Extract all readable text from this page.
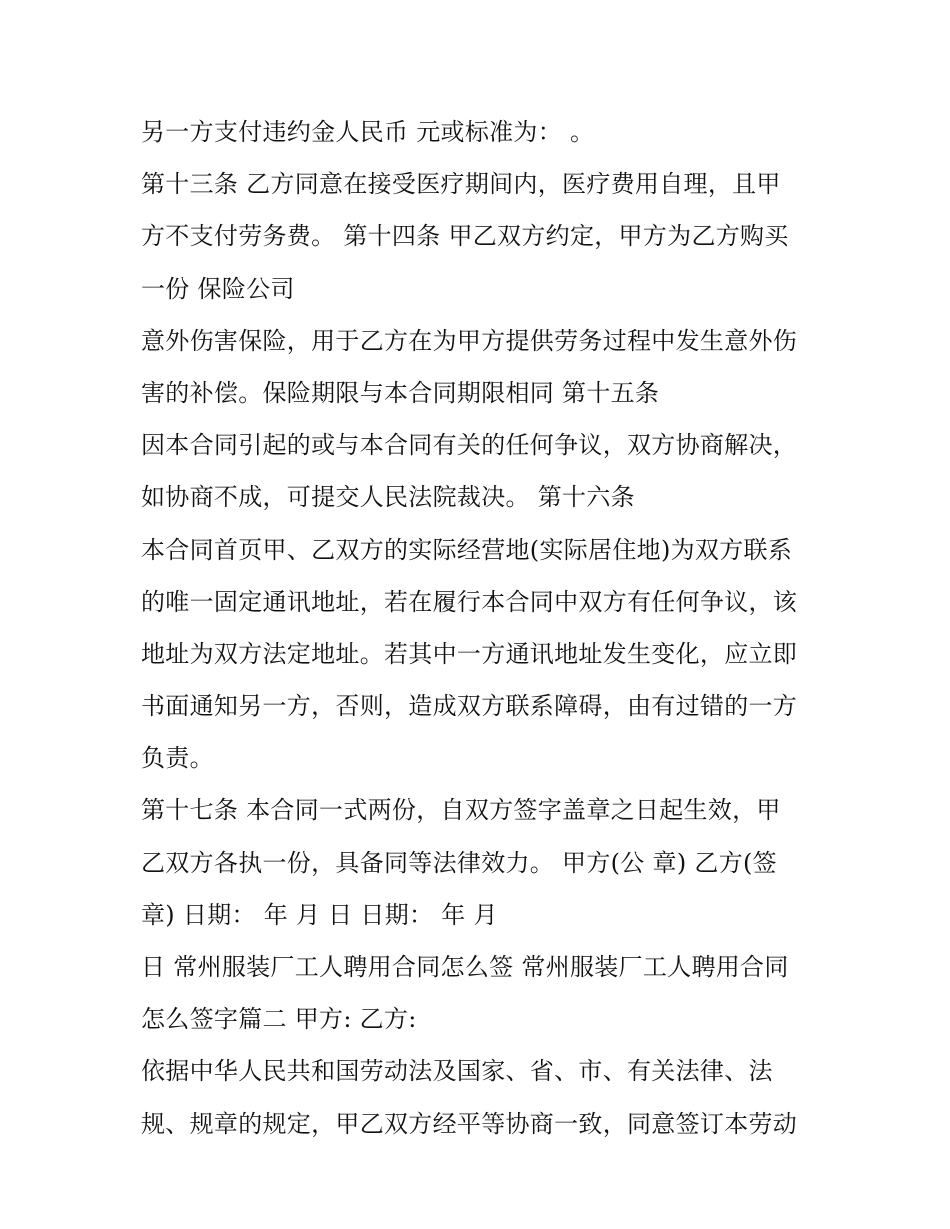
另一方支付违约金人民币 元或标准为： 。
第十三条 乙方同意在接受医疗期间内，医疗费用自理，且甲
方不支付劳务费。 第十四条 甲乙双方约定，甲方为乙方购买
一份 保险公司
意外伤害保险，用于乙方在为甲方提供劳务过程中发生意外伤
害的补偿。保险期限与本合同期限相同 第十五条
因本合同引起的或与本合同有关的任何争议，双方协商解决，
如协商不成，可提交人民法院裁决。 第十六条
本合同首页甲、乙双方的实际经营地(实际居住地)为双方联系
的唯一固定通讯地址，若在履行本合同中双方有任何争议，该
地址为双方法定地址。若其中一方通讯地址发生变化，应立即
书面通知另一方，否则，造成双方联系障碍，由有过错的一方
负责。
第十七条 本合同一式两份，自双方签字盖章之日起生效，甲
乙双方各执一份，具备同等法律效力。 甲方(公 章) 乙方(签
章) 日期： 年 月 日 日期： 年 月
日 常州服装厂工人聘用合同怎么签 常州服装厂工人聘用合同
怎么签字篇二 甲方: 乙方:
依据中华人民共和国劳动法及国家、省、市、有关法律、法
规、规章的规定，甲乙双方经平等协商一致，同意签订本劳动
